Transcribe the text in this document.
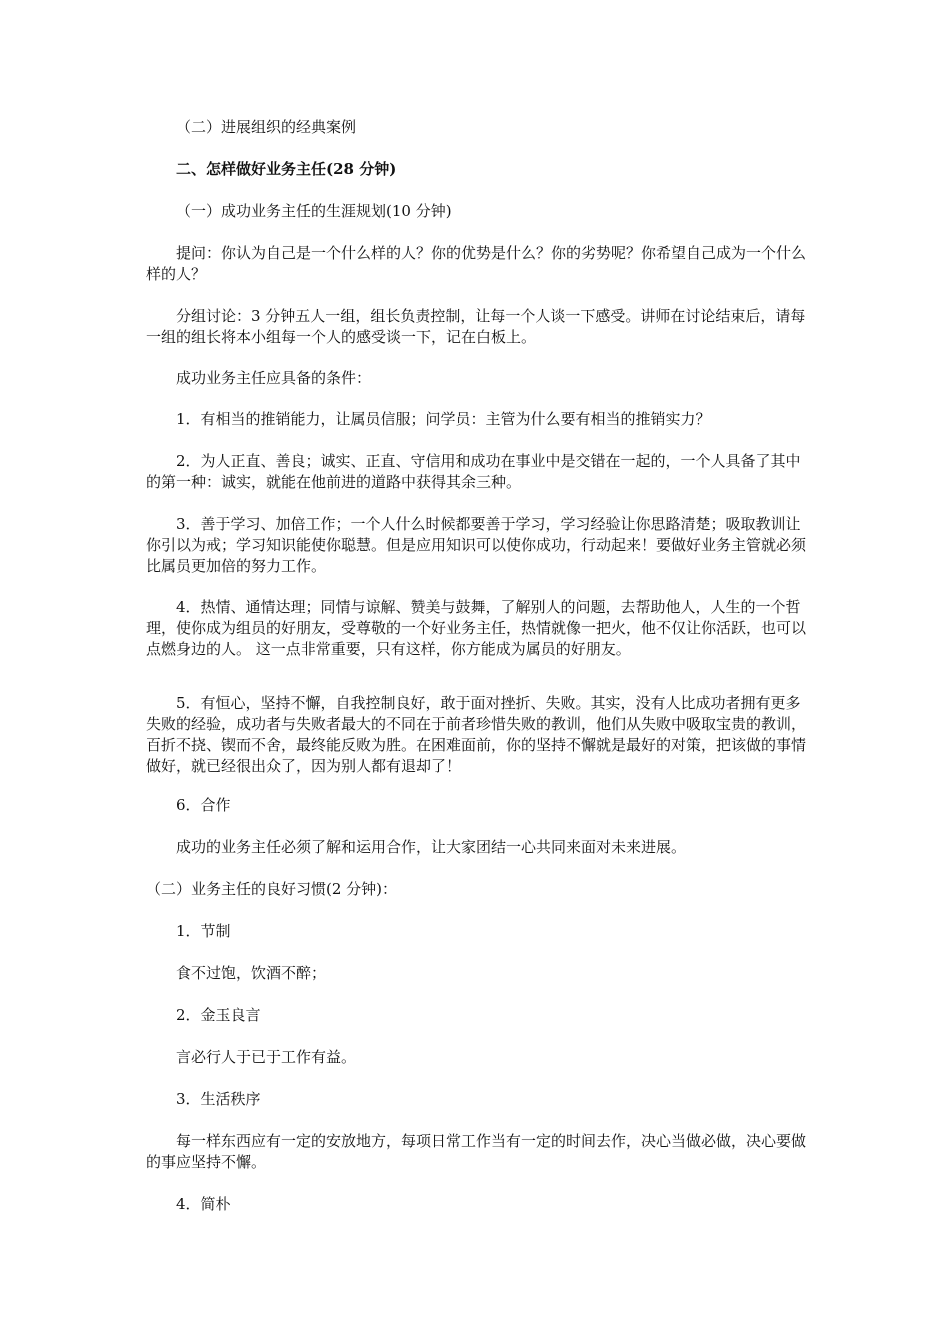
（二）进展组织的经典案例

二、怎样做好业务主任(28 分钟)

（一）成功业务主任的生涯规划(10 分钟)

提问：你认为自己是一个什么样的人？你的优势是什么？你的劣势呢？你希望自己成为一个什么样的人？

分组讨论：3 分钟五人一组，组长负责控制，让每一个人谈一下感受。讲师在讨论结束后，请每一组的组长将本小组每一个人的感受谈一下，记在白板上。

成功业务主任应具备的条件：

1．有相当的推销能力，让属员信服；问学员：主管为什么要有相当的推销实力？

2．为人正直、善良；诚实、正直、守信用和成功在事业中是交错在一起的，一个人具备了其中的第一种：诚实，就能在他前进的道路中获得其余三种。

3．善于学习、加倍工作；一个人什么时候都要善于学习，学习经验让你思路清楚；吸取教训让你引以为戒；学习知识能使你聪慧。但是应用知识可以使你成功，行动起来！要做好业务主管就必须比属员更加倍的努力工作。

4．热情、通情达理；同情与谅解、赞美与鼓舞，了解别人的问题，去帮助他人，人生的一个哲理，使你成为组员的好朋友，受尊敬的一个好业务主任，热情就像一把火，他不仅让你活跃，也可以点燃身边的人。 这一点非常重要，只有这样，你方能成为属员的好朋友。

5．有恒心，坚持不懈，自我控制良好，敢于面对挫折、失败。其实，没有人比成功者拥有更多失败的经验，成功者与失败者最大的不同在于前者珍惜失败的教训，他们从失败中吸取宝贵的教训，百折不挠、锲而不舍，最终能反败为胜。在困难面前，你的坚持不懈就是最好的对策，把该做的事情做好，就已经很出众了，因为别人都有退却了！

6．合作

成功的业务主任必须了解和运用合作，让大家团结一心共同来面对未来进展。

（二）业务主任的良好习惯(2 分钟)：

1．节制

食不过饱，饮酒不醉；

2．金玉良言

言必行人于已于工作有益。

3．生活秩序

每一样东西应有一定的安放地方，每项日常工作当有一定的时间去作，决心当做必做，决心要做的事应坚持不懈。

4．简朴
